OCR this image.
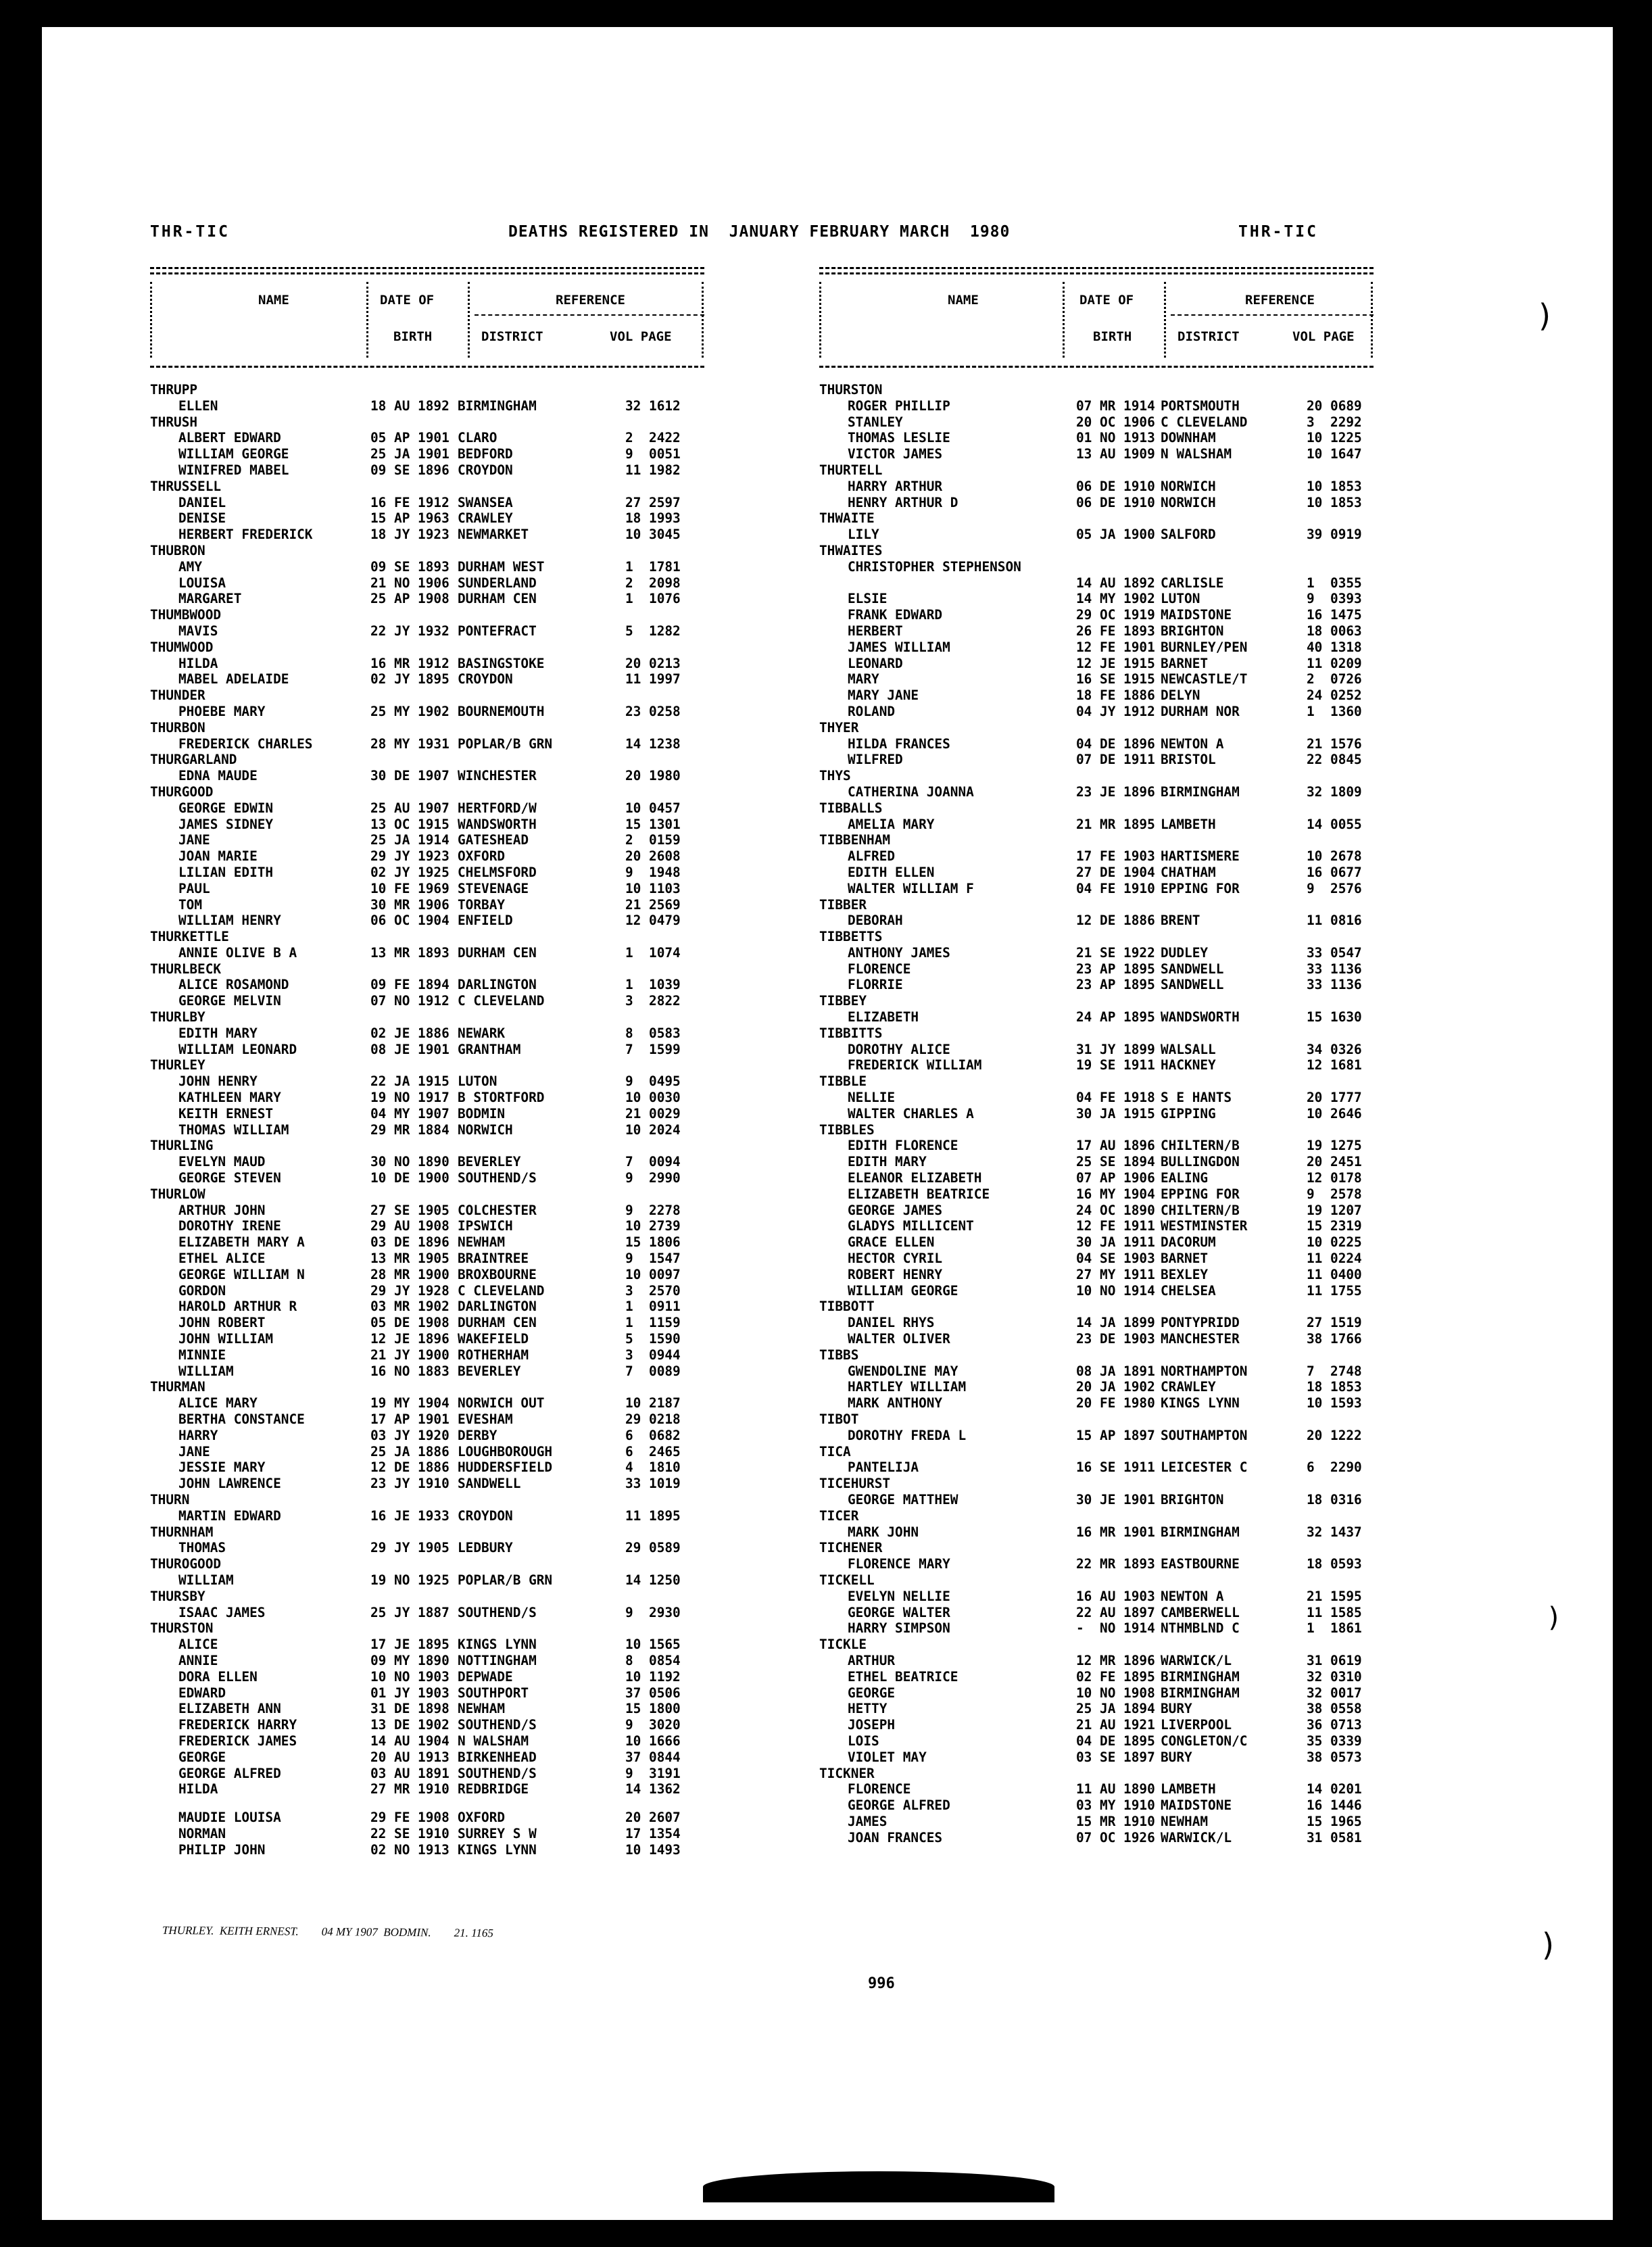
THR-TIC	DEATHS REGISTERED IN  JANUARY FEBRUARY MARCH  1980	THR-TIC
NAME	DATE OF
BIRTH
REFERENCE
DISTRICT	VOL PAGE
NAME	DATE OF
BIRTH
REFERENCE
DISTRICT	VOL PAGE
THRUPP
ELLEN	18 AU 1892 BIRMINGHAM	32 1612
THRUSH
ALBERT EDWARD	05 AP 1901 CLARO	2  2422
WILLIAM GEORGE	25 JA 1901 BEDFORD	9  0051
WINIFRED MABEL	09 SE 1896 CROYDON	11 1982
THRUSSELL
DANIEL	16 FE 1912 SWANSEA	27 2597
DENISE	15 AP 1963 CRAWLEY	18 1993
HERBERT FREDERICK	18 JY 1923 NEWMARKET	10 3045
THUBRON
AMY	09 SE 1893 DURHAM WEST	1  1781
LOUISA	21 NO 1906 SUNDERLAND	2  2098
MARGARET	25 AP 1908 DURHAM CEN	1  1076
THUMBWOOD
MAVIS	22 JY 1932 PONTEFRACT	5  1282
THUMWOOD
HILDA	16 MR 1912 BASINGSTOKE	20 0213
MABEL ADELAIDE	02 JY 1895 CROYDON	11 1997
THUNDER
PHOEBE MARY	25 MY 1902 BOURNEMOUTH	23 0258
THURBON
FREDERICK CHARLES	28 MY 1931 POPLAR/B GRN	14 1238
THURGARLAND
EDNA MAUDE	30 DE 1907 WINCHESTER	20 1980
THURGOOD
GEORGE EDWIN	25 AU 1907 HERTFORD/W	10 0457
JAMES SIDNEY	13 OC 1915 WANDSWORTH	15 1301
JANE	25 JA 1914 GATESHEAD	2  0159
JOAN MARIE	29 JY 1923 OXFORD	20 2608
LILIAN EDITH	02 JY 1925 CHELMSFORD	9  1948
PAUL	10 FE 1969 STEVENAGE	10 1103
TOM	30 MR 1906 TORBAY	21 2569
WILLIAM HENRY	06 OC 1904 ENFIELD	12 0479
THURKETTLE
ANNIE OLIVE B A	13 MR 1893 DURHAM CEN	1  1074
THURLBECK
ALICE ROSAMOND	09 FE 1894 DARLINGTON	1  1039
GEORGE MELVIN	07 NO 1912 C CLEVELAND	3  2822
THURLBY
EDITH MARY	02 JE 1886 NEWARK	8  0583
WILLIAM LEONARD	08 JE 1901 GRANTHAM	7  1599
THURLEY
JOHN HENRY	22 JA 1915 LUTON	9  0495
KATHLEEN MARY	19 NO 1917 B STORTFORD	10 0030
KEITH ERNEST	04 MY 1907 BODMIN	21 0029
THOMAS WILLIAM	29 MR 1884 NORWICH	10 2024
THURLING
EVELYN MAUD	30 NO 1890 BEVERLEY	7  0094
GEORGE STEVEN	10 DE 1900 SOUTHEND/S	9  2990
THURLOW
ARTHUR JOHN	27 SE 1905 COLCHESTER	9  2278
DOROTHY IRENE	29 AU 1908 IPSWICH	10 2739
ELIZABETH MARY A	03 DE 1896 NEWHAM	15 1806
ETHEL ALICE	13 MR 1905 BRAINTREE	9  1547
GEORGE WILLIAM N	28 MR 1900 BROXBOURNE	10 0097
GORDON	29 JY 1928 C CLEVELAND	3  2570
HAROLD ARTHUR R	03 MR 1902 DARLINGTON	1  0911
JOHN ROBERT	05 DE 1908 DURHAM CEN	1  1159
JOHN WILLIAM	12 JE 1896 WAKEFIELD	5  1590
MINNIE	21 JY 1900 ROTHERHAM	3  0944
WILLIAM	16 NO 1883 BEVERLEY	7  0089
THURMAN
ALICE MARY	19 MY 1904 NORWICH OUT	10 2187
BERTHA CONSTANCE	17 AP 1901 EVESHAM	29 0218
HARRY	03 JY 1920 DERBY	6  0682
JANE	25 JA 1886 LOUGHBOROUGH	6  2465
JESSIE MARY	12 DE 1886 HUDDERSFIELD	4  1810
JOHN LAWRENCE	23 JY 1910 SANDWELL	33 1019
THURN
MARTIN EDWARD	16 JE 1933 CROYDON	11 1895
THURNHAM
THOMAS	29 JY 1905 LEDBURY	29 0589
THUROGOOD
WILLIAM	19 NO 1925 POPLAR/B GRN	14 1250
THURSBY
ISAAC JAMES	25 JY 1887 SOUTHEND/S	9  2930
THURSTON
ALICE	17 JE 1895 KINGS LYNN	10 1565
ANNIE	09 MY 1890 NOTTINGHAM	8  0854
DORA ELLEN	10 NO 1903 DEPWADE	10 1192
EDWARD	01 JY 1903 SOUTHPORT	37 0506
ELIZABETH ANN	31 DE 1898 NEWHAM	15 1800
FREDERICK HARRY	13 DE 1902 SOUTHEND/S	9  3020
FREDERICK JAMES	14 AU 1904 N WALSHAM	10 1666
GEORGE	20 AU 1913 BIRKENHEAD	37 0844
GEORGE ALFRED	03 AU 1891 SOUTHEND/S	9  3191
HILDA	27 MR 1910 REDBRIDGE	14 1362
MAUDIE LOUISA	29 FE 1908 OXFORD	20 2607
NORMAN	22 SE 1910 SURREY S W	17 1354
PHILIP JOHN	02 NO 1913 KINGS LYNN	10 1493
THURSTON
ROGER PHILLIP	07 MR 1914 PORTSMOUTH	20 0689
STANLEY	20 OC 1906 C CLEVELAND	3  2292
THOMAS LESLIE	01 NO 1913 DOWNHAM	10 1225
VICTOR JAMES	13 AU 1909 N WALSHAM	10 1647
THURTELL
HARRY ARTHUR	06 DE 1910 NORWICH	10 1853
HENRY ARTHUR D	06 DE 1910 NORWICH	10 1853
THWAITE
LILY	05 JA 1900 SALFORD	39 0919
THWAITES
CHRISTOPHER STEPHENSON
14 AU 1892 CARLISLE	1  0355
ELSIE	14 MY 1902 LUTON	9  0393
FRANK EDWARD	29 OC 1919 MAIDSTONE	16 1475
HERBERT	26 FE 1893 BRIGHTON	18 0063
JAMES WILLIAM	12 FE 1901 BURNLEY/PEN	40 1318
LEONARD	12 JE 1915 BARNET	11 0209
MARY	16 SE 1915 NEWCASTLE/T	2  0726
MARY JANE	18 FE 1886 DELYN	24 0252
ROLAND	04 JY 1912 DURHAM NOR	1  1360
THYER
HILDA FRANCES	04 DE 1896 NEWTON A	21 1576
WILFRED	07 DE 1911 BRISTOL	22 0845
THYS
CATHERINA JOANNA	23 JE 1896 BIRMINGHAM	32 1809
TIBBALLS
AMELIA MARY	21 MR 1895 LAMBETH	14 0055
TIBBENHAM
ALFRED	17 FE 1903 HARTISMERE	10 2678
EDITH ELLEN	27 DE 1904 CHATHAM	16 0677
WALTER WILLIAM F	04 FE 1910 EPPING FOR	9  2576
TIBBER
DEBORAH	12 DE 1886 BRENT	11 0816
TIBBETTS
ANTHONY JAMES	21 SE 1922 DUDLEY	33 0547
FLORENCE	23 AP 1895 SANDWELL	33 1136
FLORRIE	23 AP 1895 SANDWELL	33 1136
TIBBEY
ELIZABETH	24 AP 1895 WANDSWORTH	15 1630
TIBBITTS
DOROTHY ALICE	31 JY 1899 WALSALL	34 0326
FREDERICK WILLIAM	19 SE 1911 HACKNEY	12 1681
TIBBLE
NELLIE	04 FE 1918 S E HANTS	20 1777
WALTER CHARLES A	30 JA 1915 GIPPING	10 2646
TIBBLES
EDITH FLORENCE	17 AU 1896 CHILTERN/B	19 1275
EDITH MARY	25 SE 1894 BULLINGDON	20 2451
ELEANOR ELIZABETH	07 AP 1906 EALING	12 0178
ELIZABETH BEATRICE	16 MY 1904 EPPING FOR	9  2578
GEORGE JAMES	24 OC 1890 CHILTERN/B	19 1207
GLADYS MILLICENT	12 FE 1911 WESTMINSTER	15 2319
GRACE ELLEN	30 JA 1911 DACORUM	10 0225
HECTOR CYRIL	04 SE 1903 BARNET	11 0224
ROBERT HENRY	27 MY 1911 BEXLEY	11 0400
WILLIAM GEORGE	10 NO 1914 CHELSEA	11 1755
TIBBOTT
DANIEL RHYS	14 JA 1899 PONTYPRIDD	27 1519
WALTER OLIVER	23 DE 1903 MANCHESTER	38 1766
TIBBS
GWENDOLINE MAY	08 JA 1891 NORTHAMPTON	7  2748
HARTLEY WILLIAM	20 JA 1902 CRAWLEY	18 1853
MARK ANTHONY	20 FE 1980 KINGS LYNN	10 1593
TIBOT
DOROTHY FREDA L	15 AP 1897 SOUTHAMPTON	20 1222
TICA
PANTELIJA	16 SE 1911 LEICESTER C	6  2290
TICEHURST
GEORGE MATTHEW	30 JE 1901 BRIGHTON	18 0316
TICER
MARK JOHN	16 MR 1901 BIRMINGHAM	32 1437
TICHENER
FLORENCE MARY	22 MR 1893 EASTBOURNE	18 0593
TICKELL
EVELYN NELLIE	16 AU 1903 NEWTON A	21 1595
GEORGE WALTER	22 AU 1897 CAMBERWELL	11 1585
HARRY SIMPSON	-  NO 1914 NTHMBLND C	1  1861
TICKLE
ARTHUR	12 MR 1896 WARWICK/L	31 0619
ETHEL BEATRICE	02 FE 1895 BIRMINGHAM	32 0310
GEORGE	10 NO 1908 BIRMINGHAM	32 0017
HETTY	25 JA 1894 BURY	38 0558
JOSEPH	21 AU 1921 LIVERPOOL	36 0713
LOIS	04 DE 1895 CONGLETON/C	35 0339
VIOLET MAY	03 SE 1897 BURY	38 0573
TICKNER
FLORENCE	11 AU 1890 LAMBETH	14 0201
GEORGE ALFRED	03 MY 1910 MAIDSTONE	16 1446
JAMES	15 MR 1910 NEWHAM	15 1965
JOAN FRANCES	07 OC 1926 WARWICK/L	31 0581
996
)
)
)
THURLEY.  KEITH ERNEST.        04 MY 1907  BODMIN.        21. 1165
